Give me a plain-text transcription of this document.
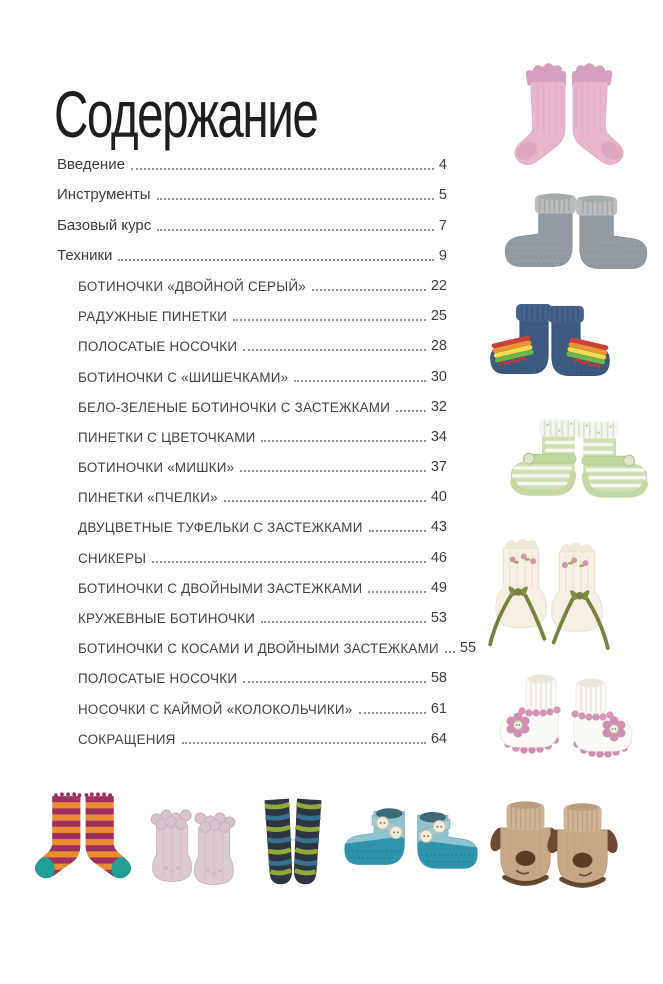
Содержание
Введение	4
Инструменты	5
Базовый курс	7
Техники	9
БОТИНОЧКИ «ДВОЙНОЙ СЕРЫЙ»	22
РАДУЖНЫЕ ПИНЕТКИ	25
ПОЛОСАТЫЕ НОСОЧКИ	28
БОТИНОЧКИ С «ШИШЕЧКАМИ»	30
БЕЛО-ЗЕЛЕНЫЕ БОТИНОЧКИ С ЗАСТЕЖКАМИ	32
ПИНЕТКИ С ЦВЕТОЧКАМИ	34
БОТИНОЧКИ «МИШКИ»	37
ПИНЕТКИ «ПЧЕЛКИ»	40
ДВУЦВЕТНЫЕ ТУФЕЛЬКИ С ЗАСТЕЖКАМИ	43
СНИКЕРЫ	46
БОТИНОЧКИ С ДВОЙНЫМИ ЗАСТЕЖКАМИ	49
КРУЖЕВНЫЕ БОТИНОЧКИ	53
БОТИНОЧКИ С КОСАМИ И ДВОЙНЫМИ ЗАСТЕЖКАМИ 55
ПОЛОСАТЫЕ НОСОЧКИ	58
НОСОЧКИ С КАЙМОЙ «КОЛОКОЛЬЧИКИ»	61
СОКРАЩЕНИЯ	64
